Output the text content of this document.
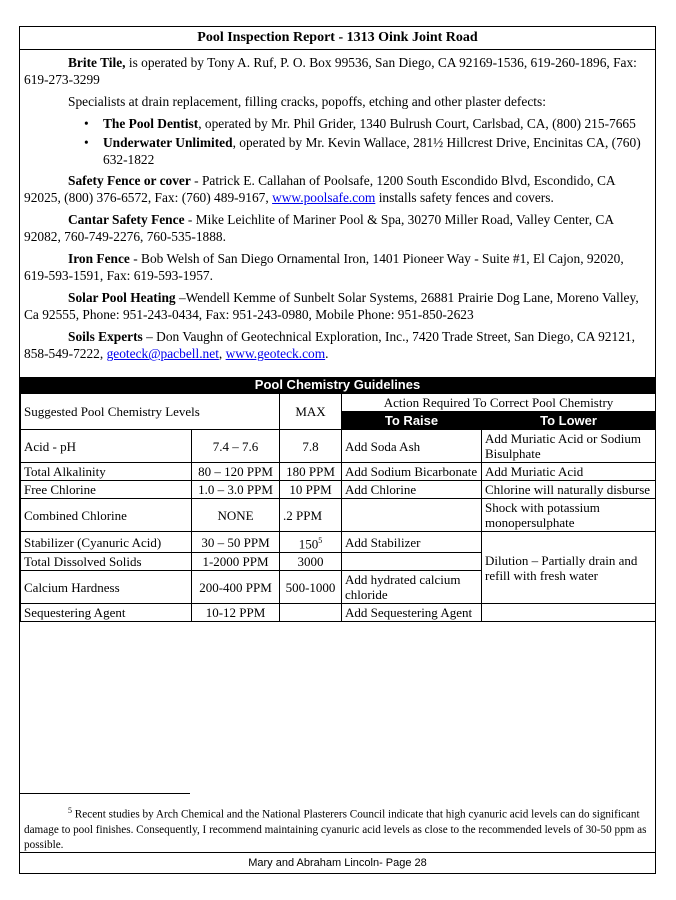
Pool Inspection Report - 1313 Oink Joint Road

Brite Tile, is operated by Tony A. Ruf, P. O. Box 99536, San Diego, CA 92169-1536, 619-260-1896, Fax: 619-273-3299

Specialists at drain replacement, filling cracks, popoffs, etching and other plaster defects:

• The Pool Dentist, operated by Mr. Phil Grider, 1340 Bulrush Court, Carlsbad, CA, (800) 215-7665
• Underwater Unlimited, operated by Mr. Kevin Wallace, 281½ Hillcrest Drive, Encinitas CA, (760) 632-1822

Safety Fence or cover - Patrick E. Callahan of Poolsafe, 1200 South Escondido Blvd, Escondido, CA 92025, (800) 376-6572, Fax: (760) 489-9167, www.poolsafe.com installs safety fences and covers.

Cantar Safety Fence - Mike Leichlite of Mariner Pool & Spa, 30270 Miller Road, Valley Center, CA 92082, 760-749-2276, 760-535-1888.

Iron Fence - Bob Welsh of San Diego Ornamental Iron, 1401 Pioneer Way - Suite #1, El Cajon, 92020, 619-593-1591, Fax: 619-593-1957.

Solar Pool Heating –Wendell Kemme of Sunbelt Solar Systems, 26881 Prairie Dog Lane, Moreno Valley, Ca 92555, Phone: 951-243-0434, Fax: 951-243-0980, Mobile Phone: 951-850-2623

Soils Experts – Don Vaughn of Geotechnical Exploration, Inc., 7420 Trade Street, San Diego, CA 92121, 858-549-7222, geoteck@pacbell.net, www.geoteck.com.

Pool Chemistry Guidelines
Suggested Pool Chemistry Levels		MAX	Action Required To Correct Pool Chemistry	
			To Raise	To Lower
Acid - pH	7.4 – 7.6	7.8	Add Soda Ash	Add Muriatic Acid or Sodium Bisulphate
Total Alkalinity	80 – 120 PPM	180 PPM	Add Sodium Bicarbonate	Add Muriatic Acid
Free Chlorine	1.0 – 3.0 PPM	10 PPM	Add Chlorine	Chlorine will naturally disburse
Combined Chlorine	NONE	.2 PPM		Shock with potassium monopersulphate
Stabilizer (Cyanuric Acid)	30 – 50 PPM	$150^5$	Add Stabilizer	Dilution – Partially drain and refill with fresh water
Total Dissolved Solids	1-2000 PPM	3000		
Calcium Hardness	200-400 PPM	500-1000	Add hydrated calcium chloride	
Sequestering Agent	10-12 PPM		Add Sequestering Agent	
$^5$ Recent studies by Arch Chemical and the National Plasterers Council indicate that high cyanuric acid levels can do significant damage to pool finishes. Consequently, I recommend maintaining cyanuric acid levels as close to the recommended levels of 30-50 ppm as possible.
Mary and Abraham Lincoln- Page 28
